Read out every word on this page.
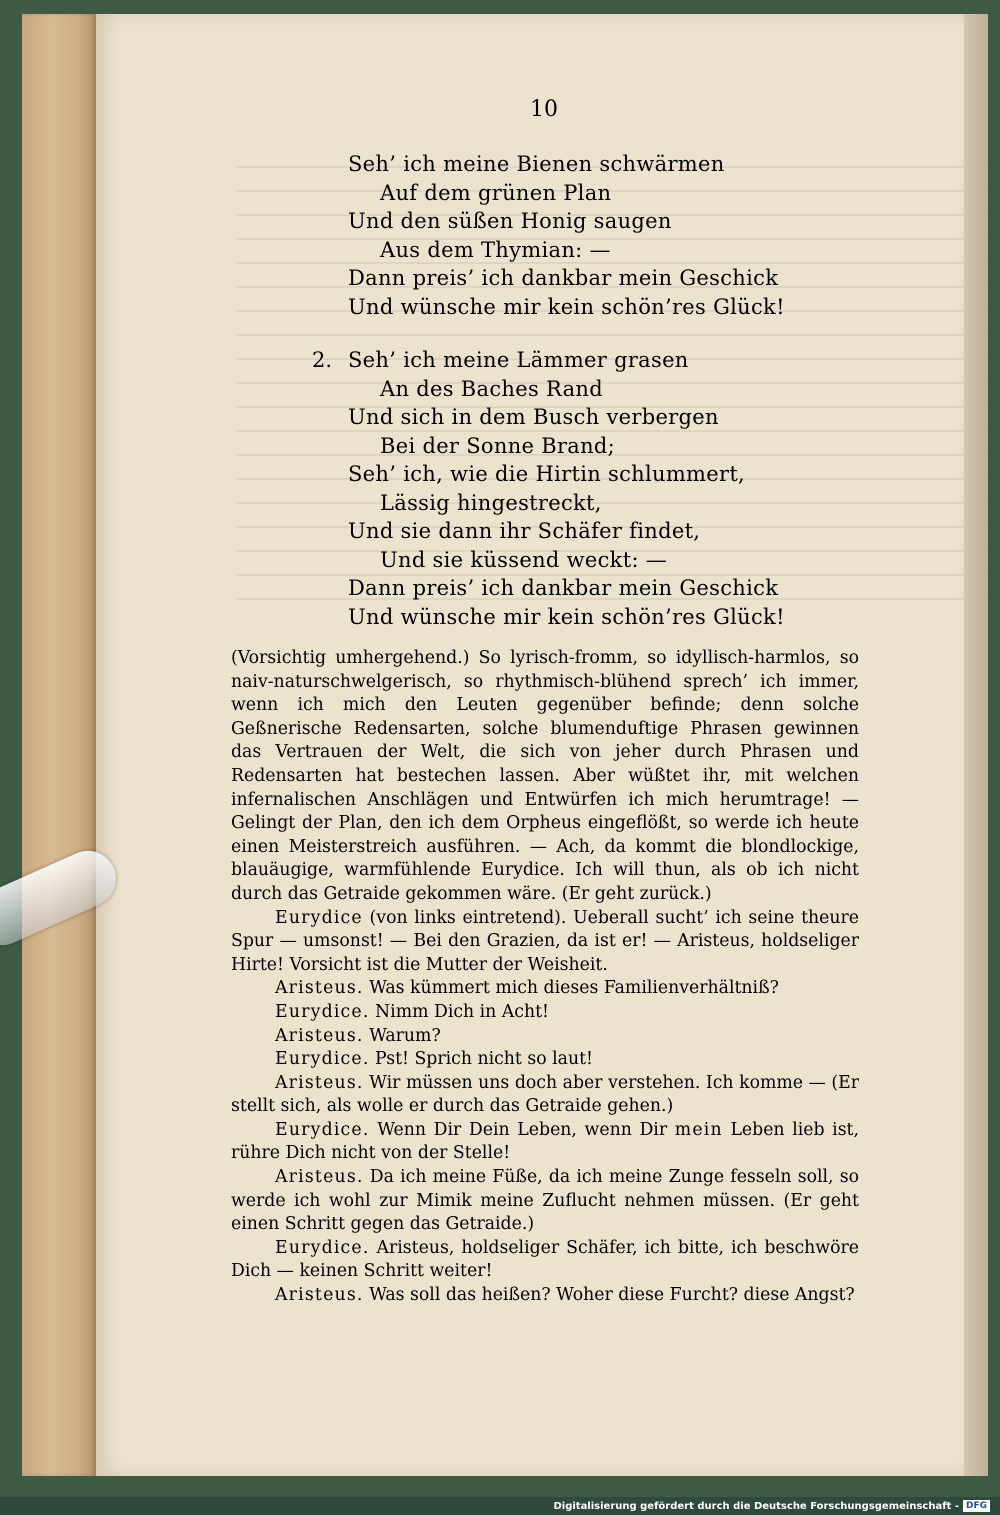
10
Seh’ ich meine Bienen schwärmen
Auf dem grünen Plan
Und den süßen Honig saugen
Aus dem Thymian: —
Dann preis’ ich dankbar mein Geschick
Und wünsche mir kein schön’res Glück!
2. Seh’ ich meine Lämmer grasen
An des Baches Rand
Und sich in dem Busch verbergen
Bei der Sonne Brand;
Seh’ ich, wie die Hirtin schlummert,
Lässig hingestreckt,
Und sie dann ihr Schäfer findet,
Und sie küssend weckt: —
Dann preis’ ich dankbar mein Geschick
Und wünsche mir kein schön’res Glück!

(Vorsichtig umhergehend.) So lyrisch-fromm, so idyllisch-harmlos, so naiv-naturschwelgerisch, so rhythmisch-blühend sprech’ ich immer, wenn ich mich den Leuten gegenüber befinde; denn solche Geßnerische Redensarten, solche blumenduftige Phrasen gewinnen das Vertrauen der Welt, die sich von jeher durch Phrasen und Redensarten hat bestechen lassen. Aber wüßtet ihr, mit welchen infernalischen Anschlägen und Entwürfen ich mich herumtrage! — Gelingt der Plan, den ich dem Orpheus eingeflößt, so werde ich heute einen Meisterstreich ausführen. — Ach, da kommt die blondlockige, blauäugige, warmfühlende Eurydice. Ich will thun, als ob ich nicht durch das Getraide gekommen wäre. (Er geht zurück.)

Eurydice (von links eintretend). Ueberall sucht’ ich seine theure Spur — umsonst! — Bei den Grazien, da ist er! — Aristeus, holdseliger Hirte! Vorsicht ist die Mutter der Weisheit.

Aristeus. Was kümmert mich dieses Familienverhältniß?

Eurydice. Nimm Dich in Acht!

Aristeus. Warum?

Eurydice. Pst! Sprich nicht so laut!

Aristeus. Wir müssen uns doch aber verstehen. Ich komme — (Er stellt sich, als wolle er durch das Getraide gehen.)

Eurydice. Wenn Dir Dein Leben, wenn Dir mein Leben lieb ist, rühre Dich nicht von der Stelle!

Aristeus. Da ich meine Füße, da ich meine Zunge fesseln soll, so werde ich wohl zur Mimik meine Zuflucht nehmen müssen. (Er geht einen Schritt gegen das Getraide.)

Eurydice. Aristeus, holdseliger Schäfer, ich bitte, ich beschwöre Dich — keinen Schritt weiter!

Aristeus. Was soll das heißen? Woher diese Furcht? diese Angst?

Digitalisierung gefördert durch die Deutsche Forschungsgemeinschaft - DFG
